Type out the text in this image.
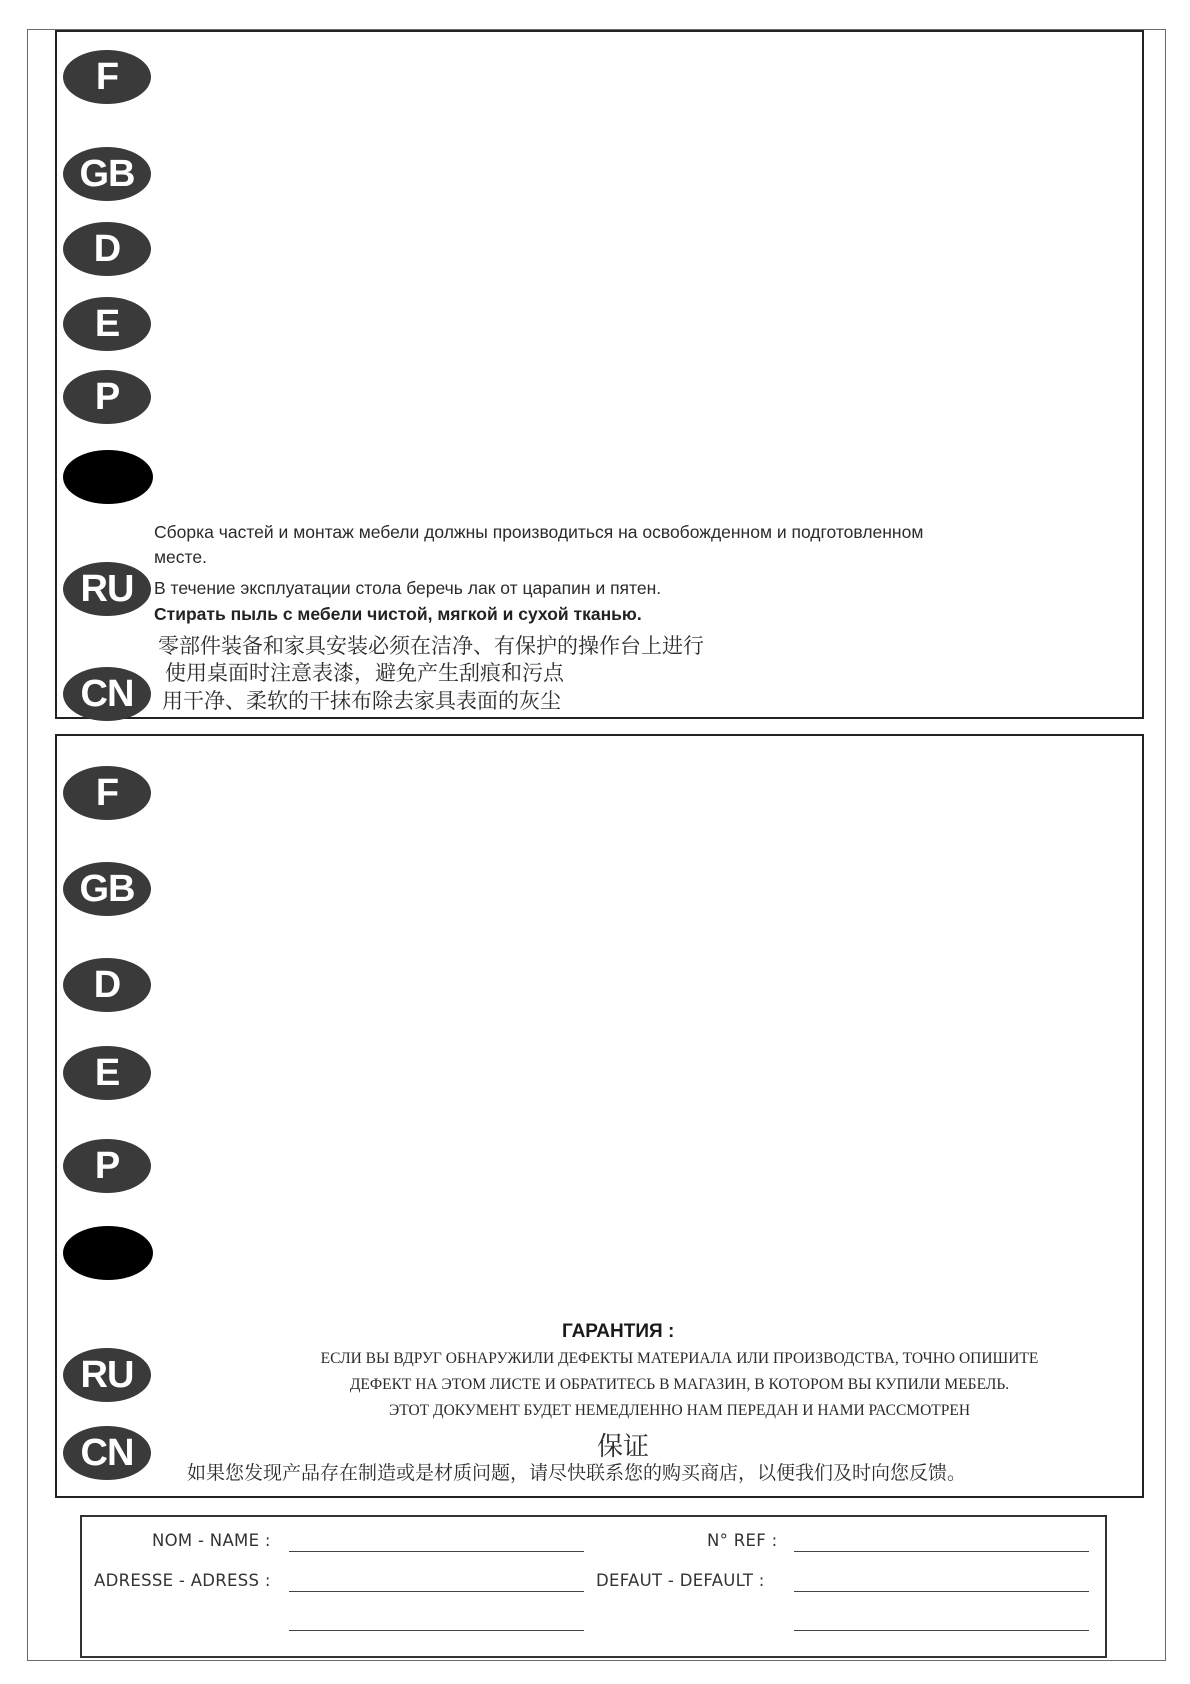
F
GB
D
E
P
RU
CN
Сборка частей и монтаж мебели должны производиться на освобожденном и подготовленном
месте.
В течение эксплуатации стола беречь лак от царапин и пятен.
Стирать пыль с мебели чистой, мягкой и сухой тканью.
零部件装备和家具安装必须在洁净、有保护的操作台上进行
使用桌面时注意表漆，避免产生刮痕和污点
用干净、柔软的干抹布除去家具表面的灰尘
F
GB
D
E
P
RU
CN
ГАРАНТИЯ :
ЕСЛИ ВЫ ВДРУГ ОБНАРУЖИЛИ ДЕФЕКТЫ МАТЕРИАЛА ИЛИ ПРОИЗВОДСТВА, ТОЧНО ОПИШИТЕ
ДЕФЕКТ НА ЭТОМ ЛИСТЕ И ОБРАТИТЕСЬ В МАГАЗИН, В КОТОРОМ ВЫ КУПИЛИ МЕБЕЛЬ.
ЭТОТ ДОКУМЕНТ БУДЕТ НЕМЕДЛЕННО НАМ ПЕРЕДАН И НАМИ РАССМОТРЕН
保证
如果您发现产品存在制造或是材质问题，请尽快联系您的购买商店，以便我们及时向您反馈。
NOM - NAME :	N° REF :
ADRESSE - ADRESS :	DEFAUT - DEFAULT :
